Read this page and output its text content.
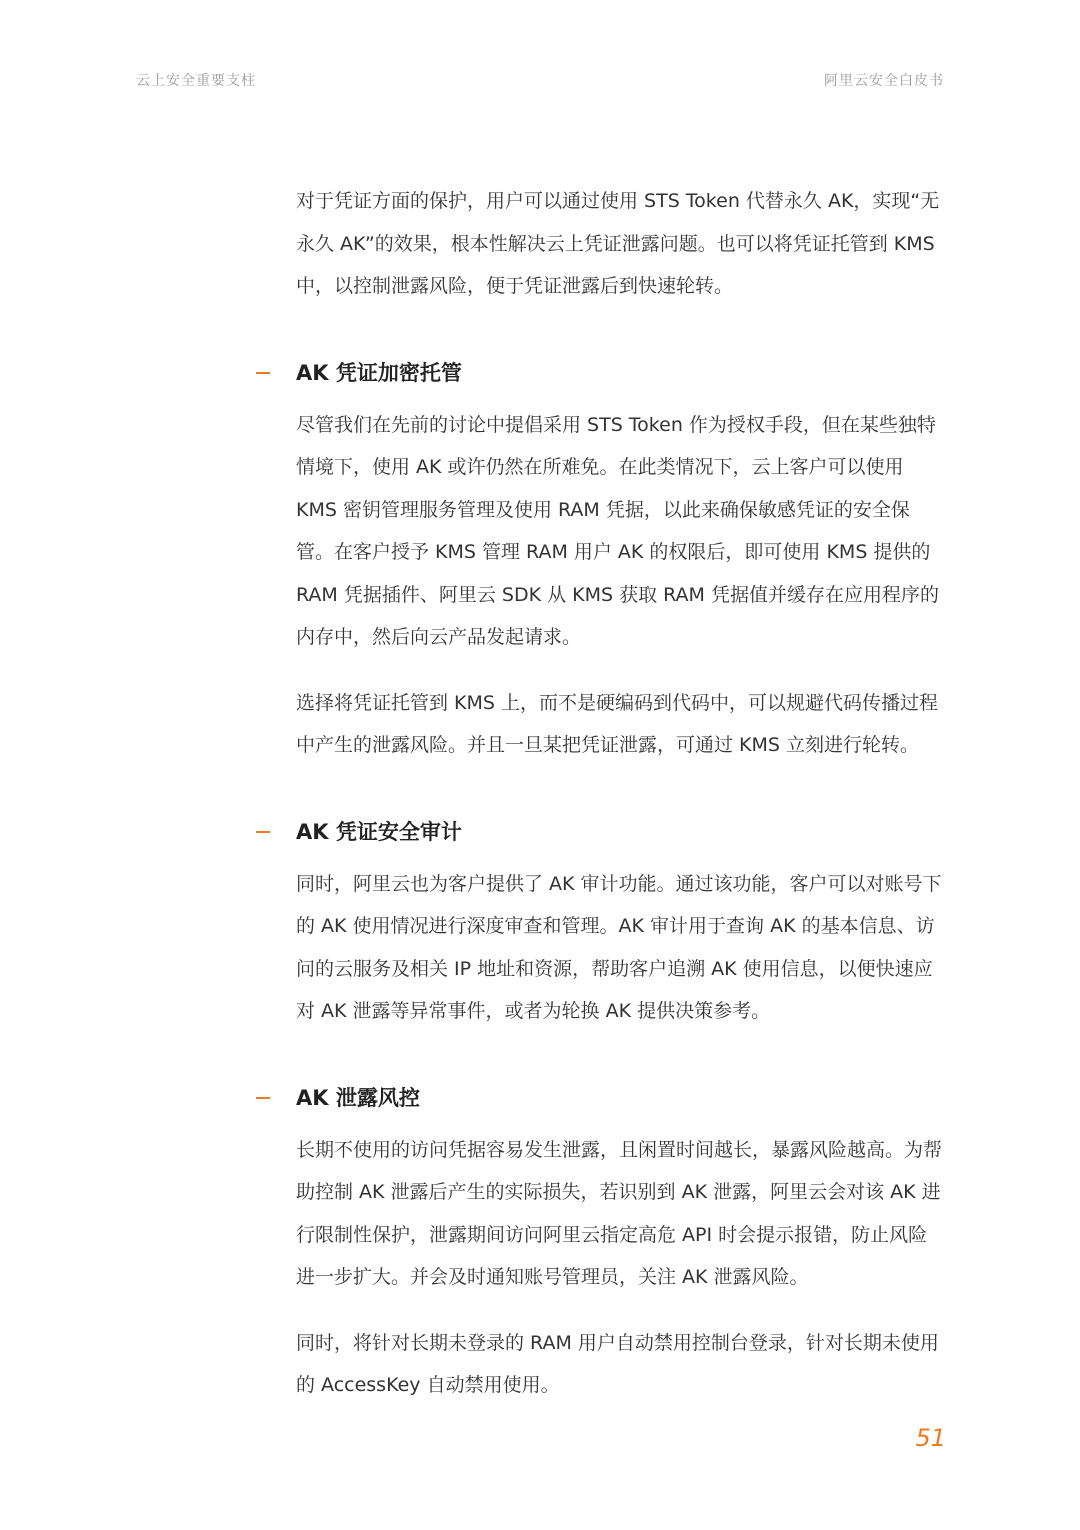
云上安全重要支柱	阿里云安全白皮书

对于凭证方面的保护，用户可以通过使用 STS Token 代替永久 AK，实现“无永久 AK”的效果，根本性解决云上凭证泄露问题。也可以将凭证托管到 KMS 中，以控制泄露风险，便于凭证泄露后到快速轮转。

AK 凭证加密托管

尽管我们在先前的讨论中提倡采用 STS Token 作为授权手段，但在某些独特情境下，使用 AK 或许仍然在所难免。在此类情况下，云上客户可以使用 KMS 密钥管理服务管理及使用 RAM 凭据，以此来确保敏感凭证的安全保管。在客户授予 KMS 管理 RAM 用户 AK 的权限后，即可使用 KMS 提供的 RAM 凭据插件、阿里云 SDK 从 KMS 获取 RAM 凭据值并缓存在应用程序的内存中，然后向云产品发起请求。

选择将凭证托管到 KMS 上，而不是硬编码到代码中，可以规避代码传播过程中产生的泄露风险。并且一旦某把凭证泄露，可通过 KMS 立刻进行轮转。

AK 凭证安全审计

同时，阿里云也为客户提供了 AK 审计功能。通过该功能，客户可以对账号下的 AK 使用情况进行深度审查和管理。AK 审计用于查询 AK 的基本信息、访问的云服务及相关 IP 地址和资源，帮助客户追溯 AK 使用信息，以便快速应对 AK 泄露等异常事件，或者为轮换 AK 提供决策参考。

AK 泄露风控

长期不使用的访问凭据容易发生泄露，且闲置时间越长，暴露风险越高。为帮助控制 AK 泄露后产生的实际损失，若识别到 AK 泄露，阿里云会对该 AK 进行限制性保护，泄露期间访问阿里云指定高危 API 时会提示报错，防止风险进一步扩大。并会及时通知账号管理员，关注 AK 泄露风险。

同时，将针对长期未登录的 RAM 用户自动禁用控制台登录，针对长期未使用的 AccessKey 自动禁用使用。

51
